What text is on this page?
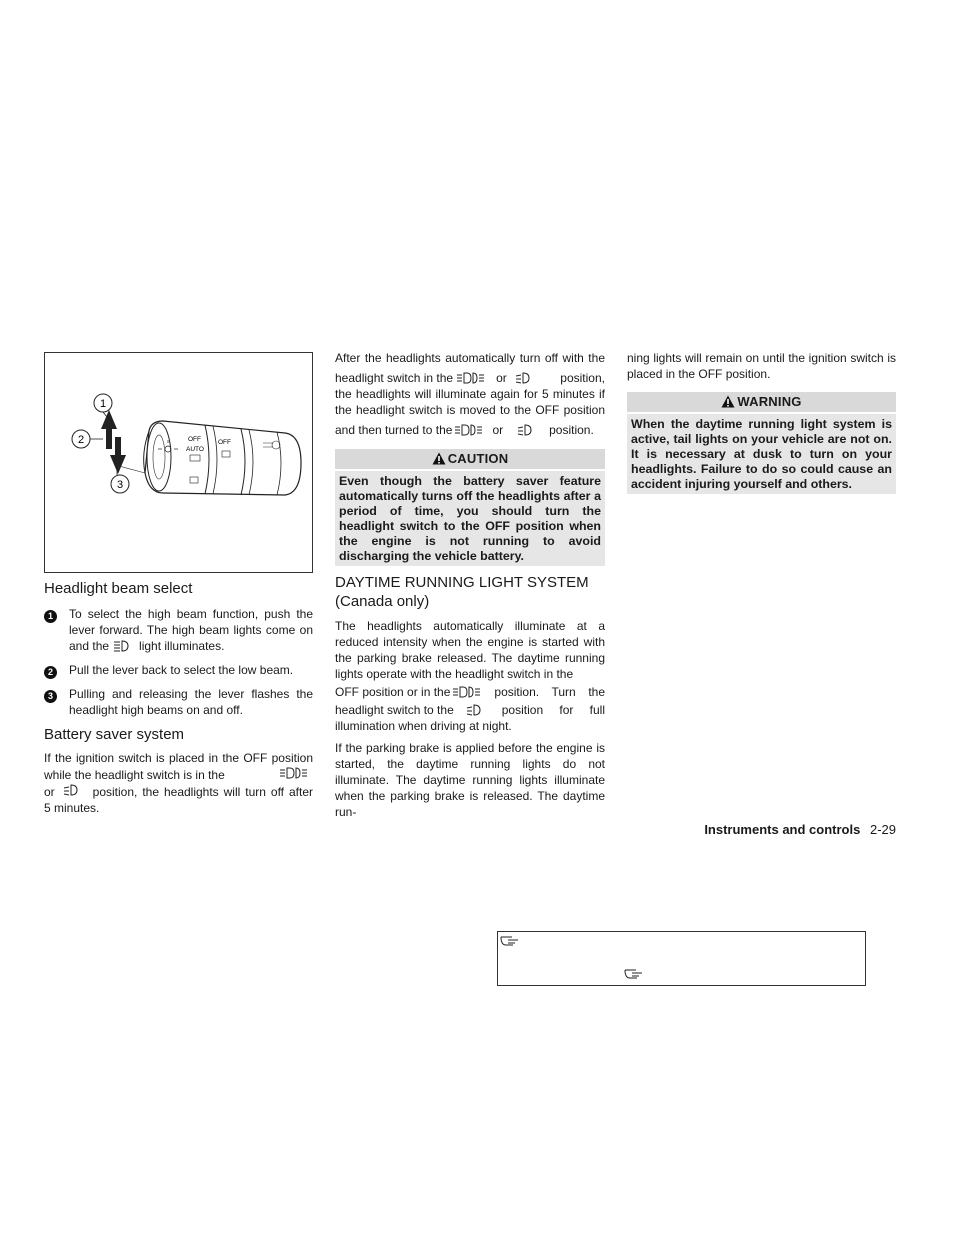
1
2
3
OFF
AUTO
OFF

Headlight beam select

1	To select the high beam function, push the lever forward. The high beam lights come on and the	light illuminates.
2	Pull the lever back to select the low beam.
3	Pulling and releasing the lever flashes the headlight high beams on and off.

Battery saver system

If the ignition switch is placed in the OFF position
while the headlight switch is in the
or	position, the headlights will turn off after
5 minutes.
After the headlights automatically turn off with the
headlight switch in the	or	position,
the headlights will illuminate again for 5 minutes if
the headlight switch is moved to the OFF position
and then turned to the	or	position.
CAUTION
Even though the battery saver feature automatically turns off the headlights after a period of time, you should turn the headlight switch to the OFF position when the engine is not running to avoid discharging the vehicle battery.

DAYTIME RUNNING LIGHT SYSTEM
(Canada only)

The headlights automatically illuminate at a reduced intensity when the engine is started with the parking brake released. The daytime running lights operate with the headlight switch in the
OFF position or in the	position. Turn the
headlight switch to the	position for full
illumination when driving at night.
If the parking brake is applied before the engine is started, the daytime running lights do not illuminate. The daytime running lights illuminate when the parking brake is released. The daytime run-
ning lights will remain on until the ignition switch is placed in the OFF position.
WARNING
When the daytime running light system is active, tail lights on your vehicle are not on. It is necessary at dusk to turn on your headlights. Failure to do so could cause an accident injuring yourself and others.
Instruments and controls 2-29
